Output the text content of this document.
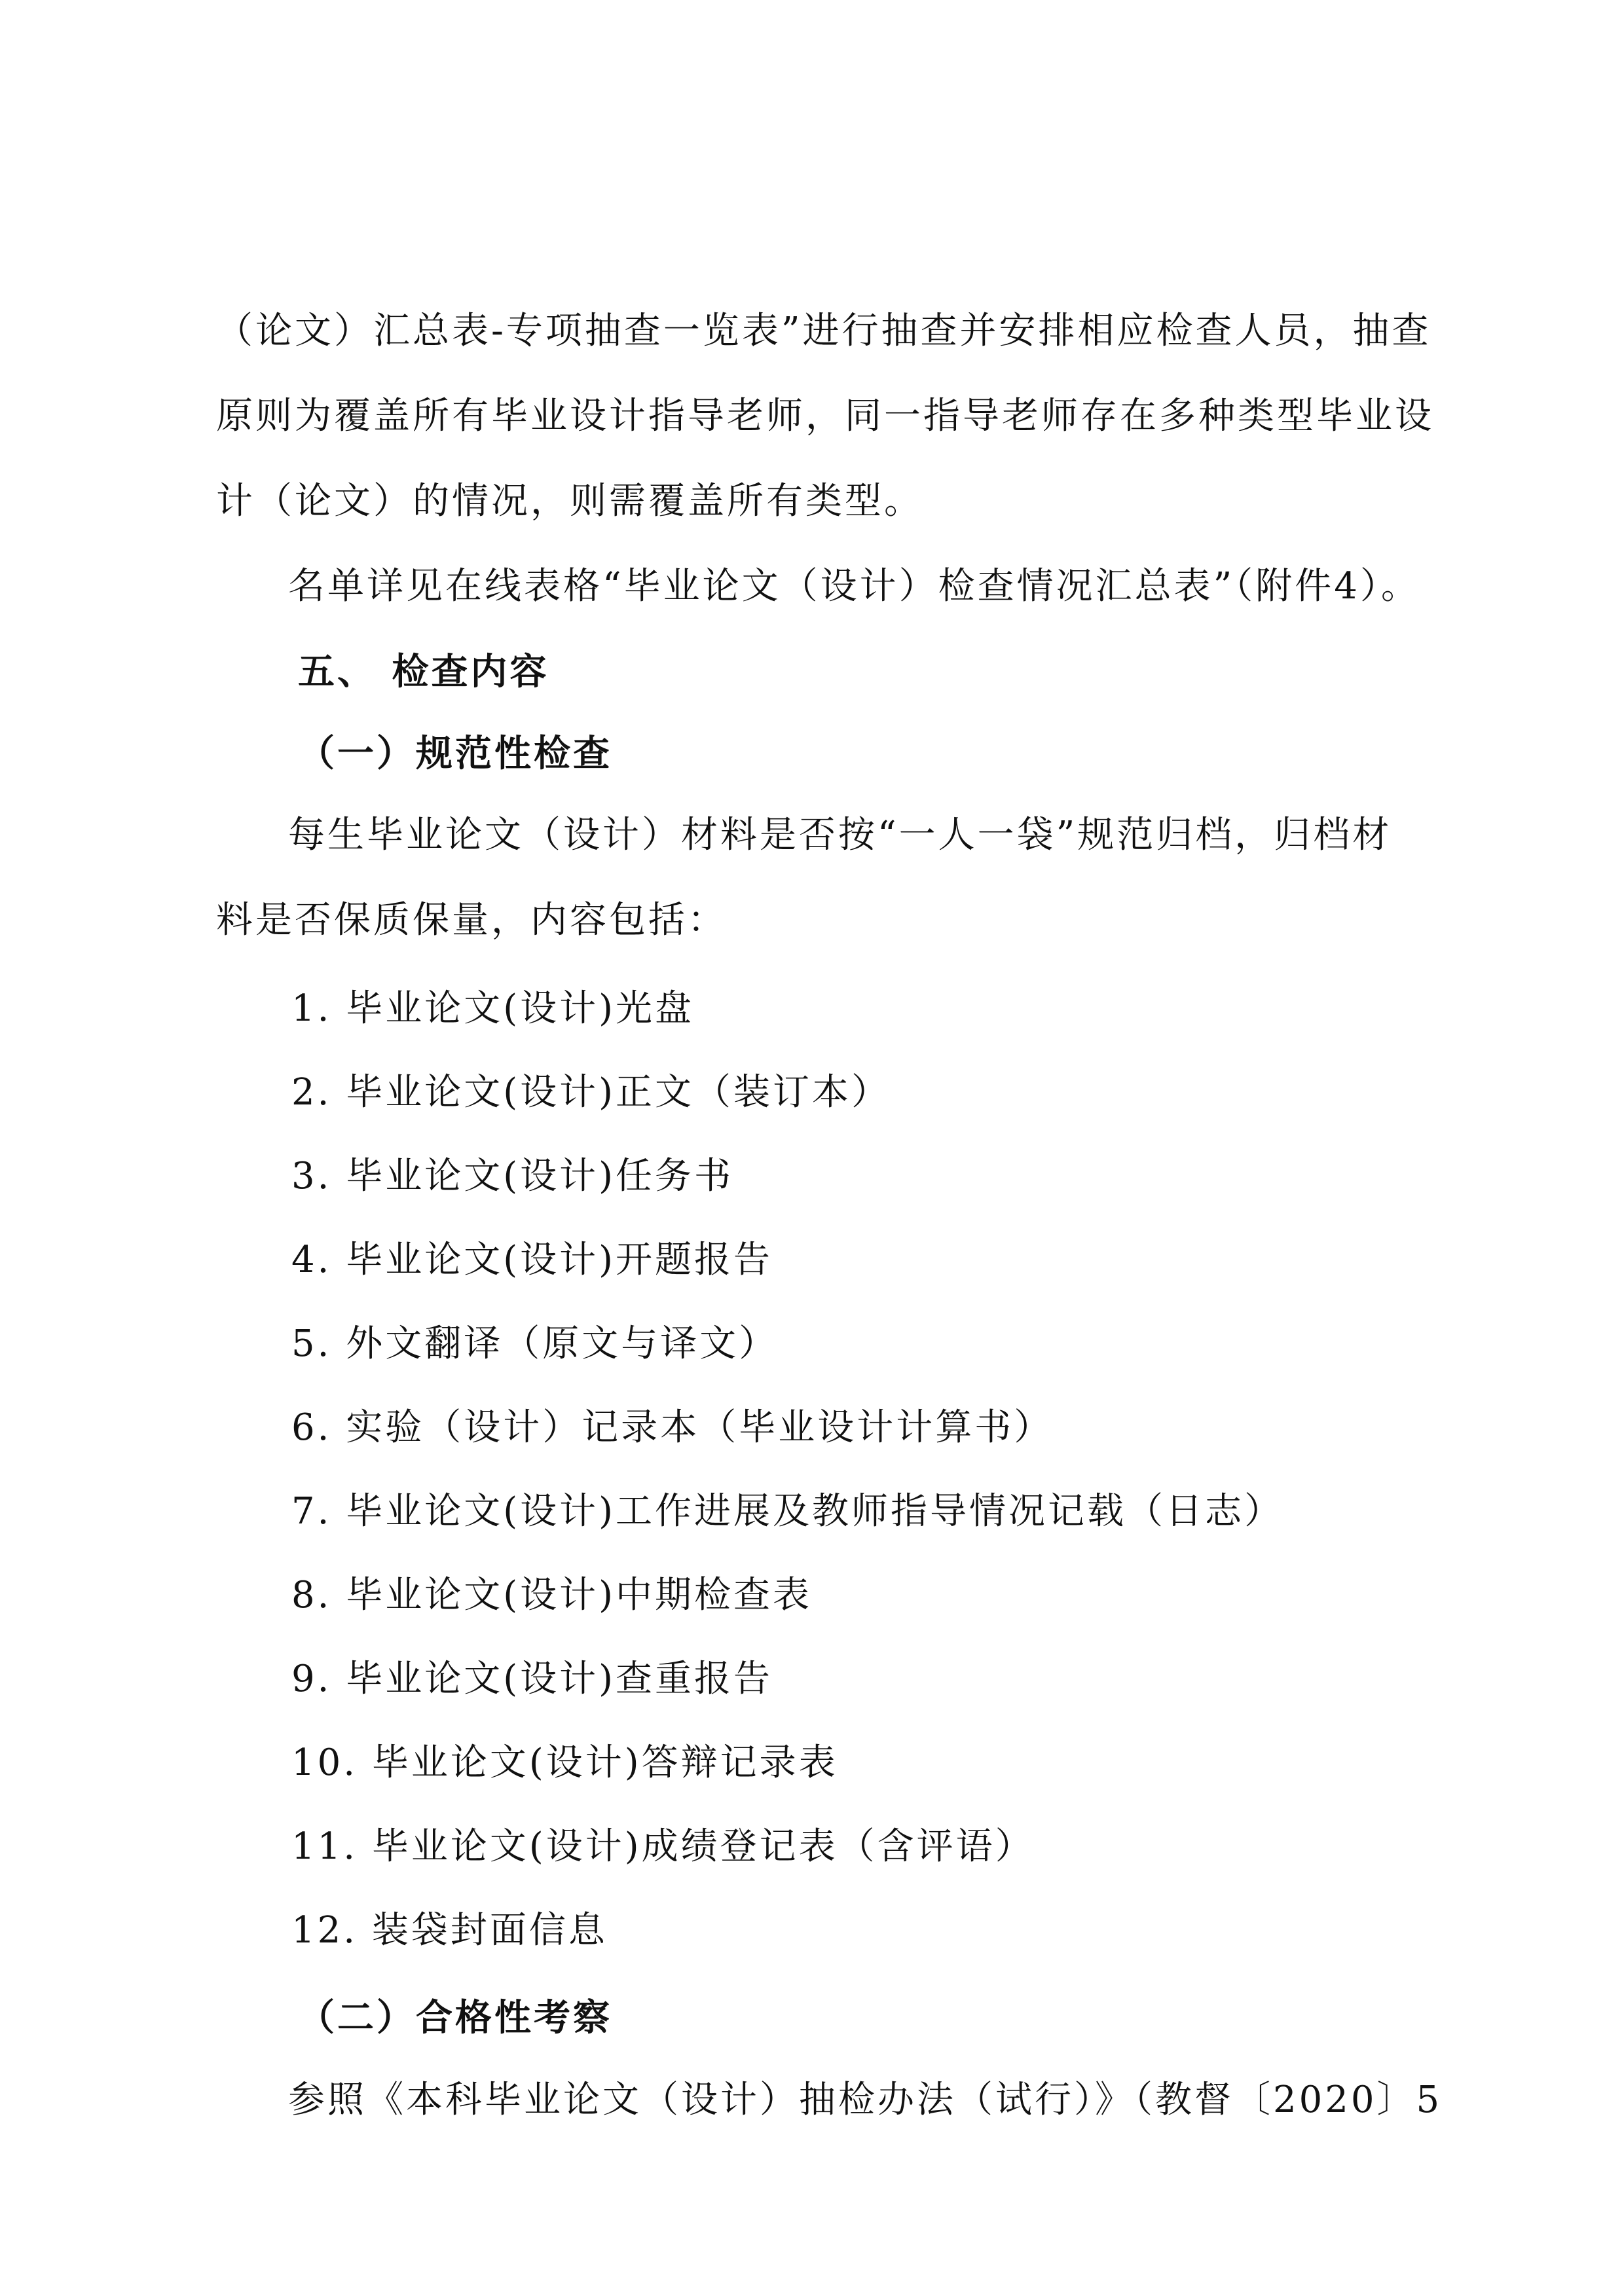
（论文）汇总表-专项抽查一览表”进行抽查并安排相应检查人员，抽查
原则为覆盖所有毕业设计指导老师，同一指导老师存在多种类型毕业设
计（论文）的情况，则需覆盖所有类型。
名单详见在线表格“毕业论文（设计）检查情况汇总表”（附件4）。
五、 检查内容
（一）规范性检查
每生毕业论文（设计）材料是否按“一人一袋”规范归档，归档材
料是否保质保量，内容包括：
1. 毕业论文(设计)光盘
2. 毕业论文(设计)正文（装订本）
3. 毕业论文(设计)任务书
4. 毕业论文(设计)开题报告
5. 外文翻译（原文与译文）
6. 实验（设计）记录本（毕业设计计算书）
7. 毕业论文(设计)工作进展及教师指导情况记载（日志）
8. 毕业论文(设计)中期检查表
9. 毕业论文(设计)查重报告
10. 毕业论文(设计)答辩记录表
11. 毕业论文(设计)成绩登记表（含评语）
12. 装袋封面信息
（二）合格性考察
参照《本科毕业论文（设计）抽检办法（试行）》（教督〔2020〕5
